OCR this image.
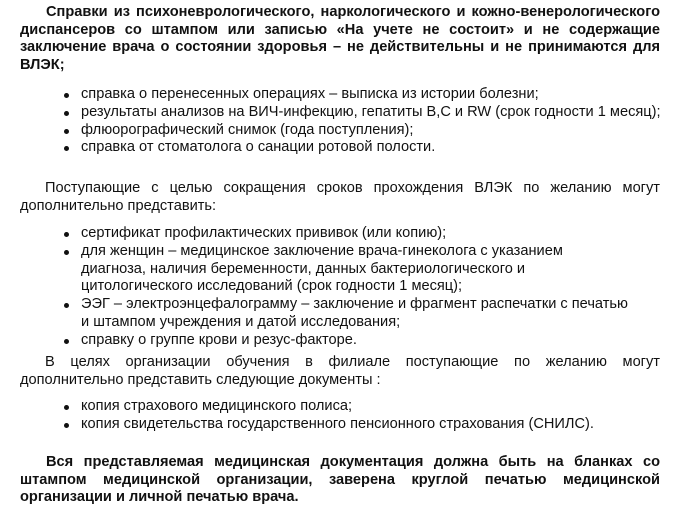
Справки из психоневрологического, наркологического и кожно-венерологического диспансеров со штампом или записью «На учете не состоит» и не содержащие заключение врача о состоянии здоровья – не действительны и не принимаются для ВЛЭК;

справка о перенесенных операциях – выписка из истории болезни;
результаты анализов на ВИЧ-инфекцию, гепатиты В,С и RW (срок годности 1 месяц);
флюорографический снимок (года поступления);
справка от стоматолога о санации ротовой полости.

Поступающие с целью сокращения сроков прохождения ВЛЭК по желанию могут дополнительно представить:

сертификат профилактических прививок (или копию);
для женщин – медицинское заключение врача-гинеколога с указанием диагноза, наличия беременности, данных бактериологического и цитологического исследований (срок годности 1 месяц);
ЭЭГ – электроэнцефалограмму – заключение и фрагмент распечатки с печатью и штампом учреждения и датой исследования;
справку о группе крови и резус-факторе.

В целях организации обучения в филиале поступающие по желанию могут дополнительно представить следующие документы :

копия страхового медицинского полиса;
копия свидетельства государственного пенсионного страхования (СНИЛС).

Вся представляемая медицинская документация должна быть на бланках со штампом медицинской организации, заверена круглой печатью медицинской организации и личной печатью врача.
